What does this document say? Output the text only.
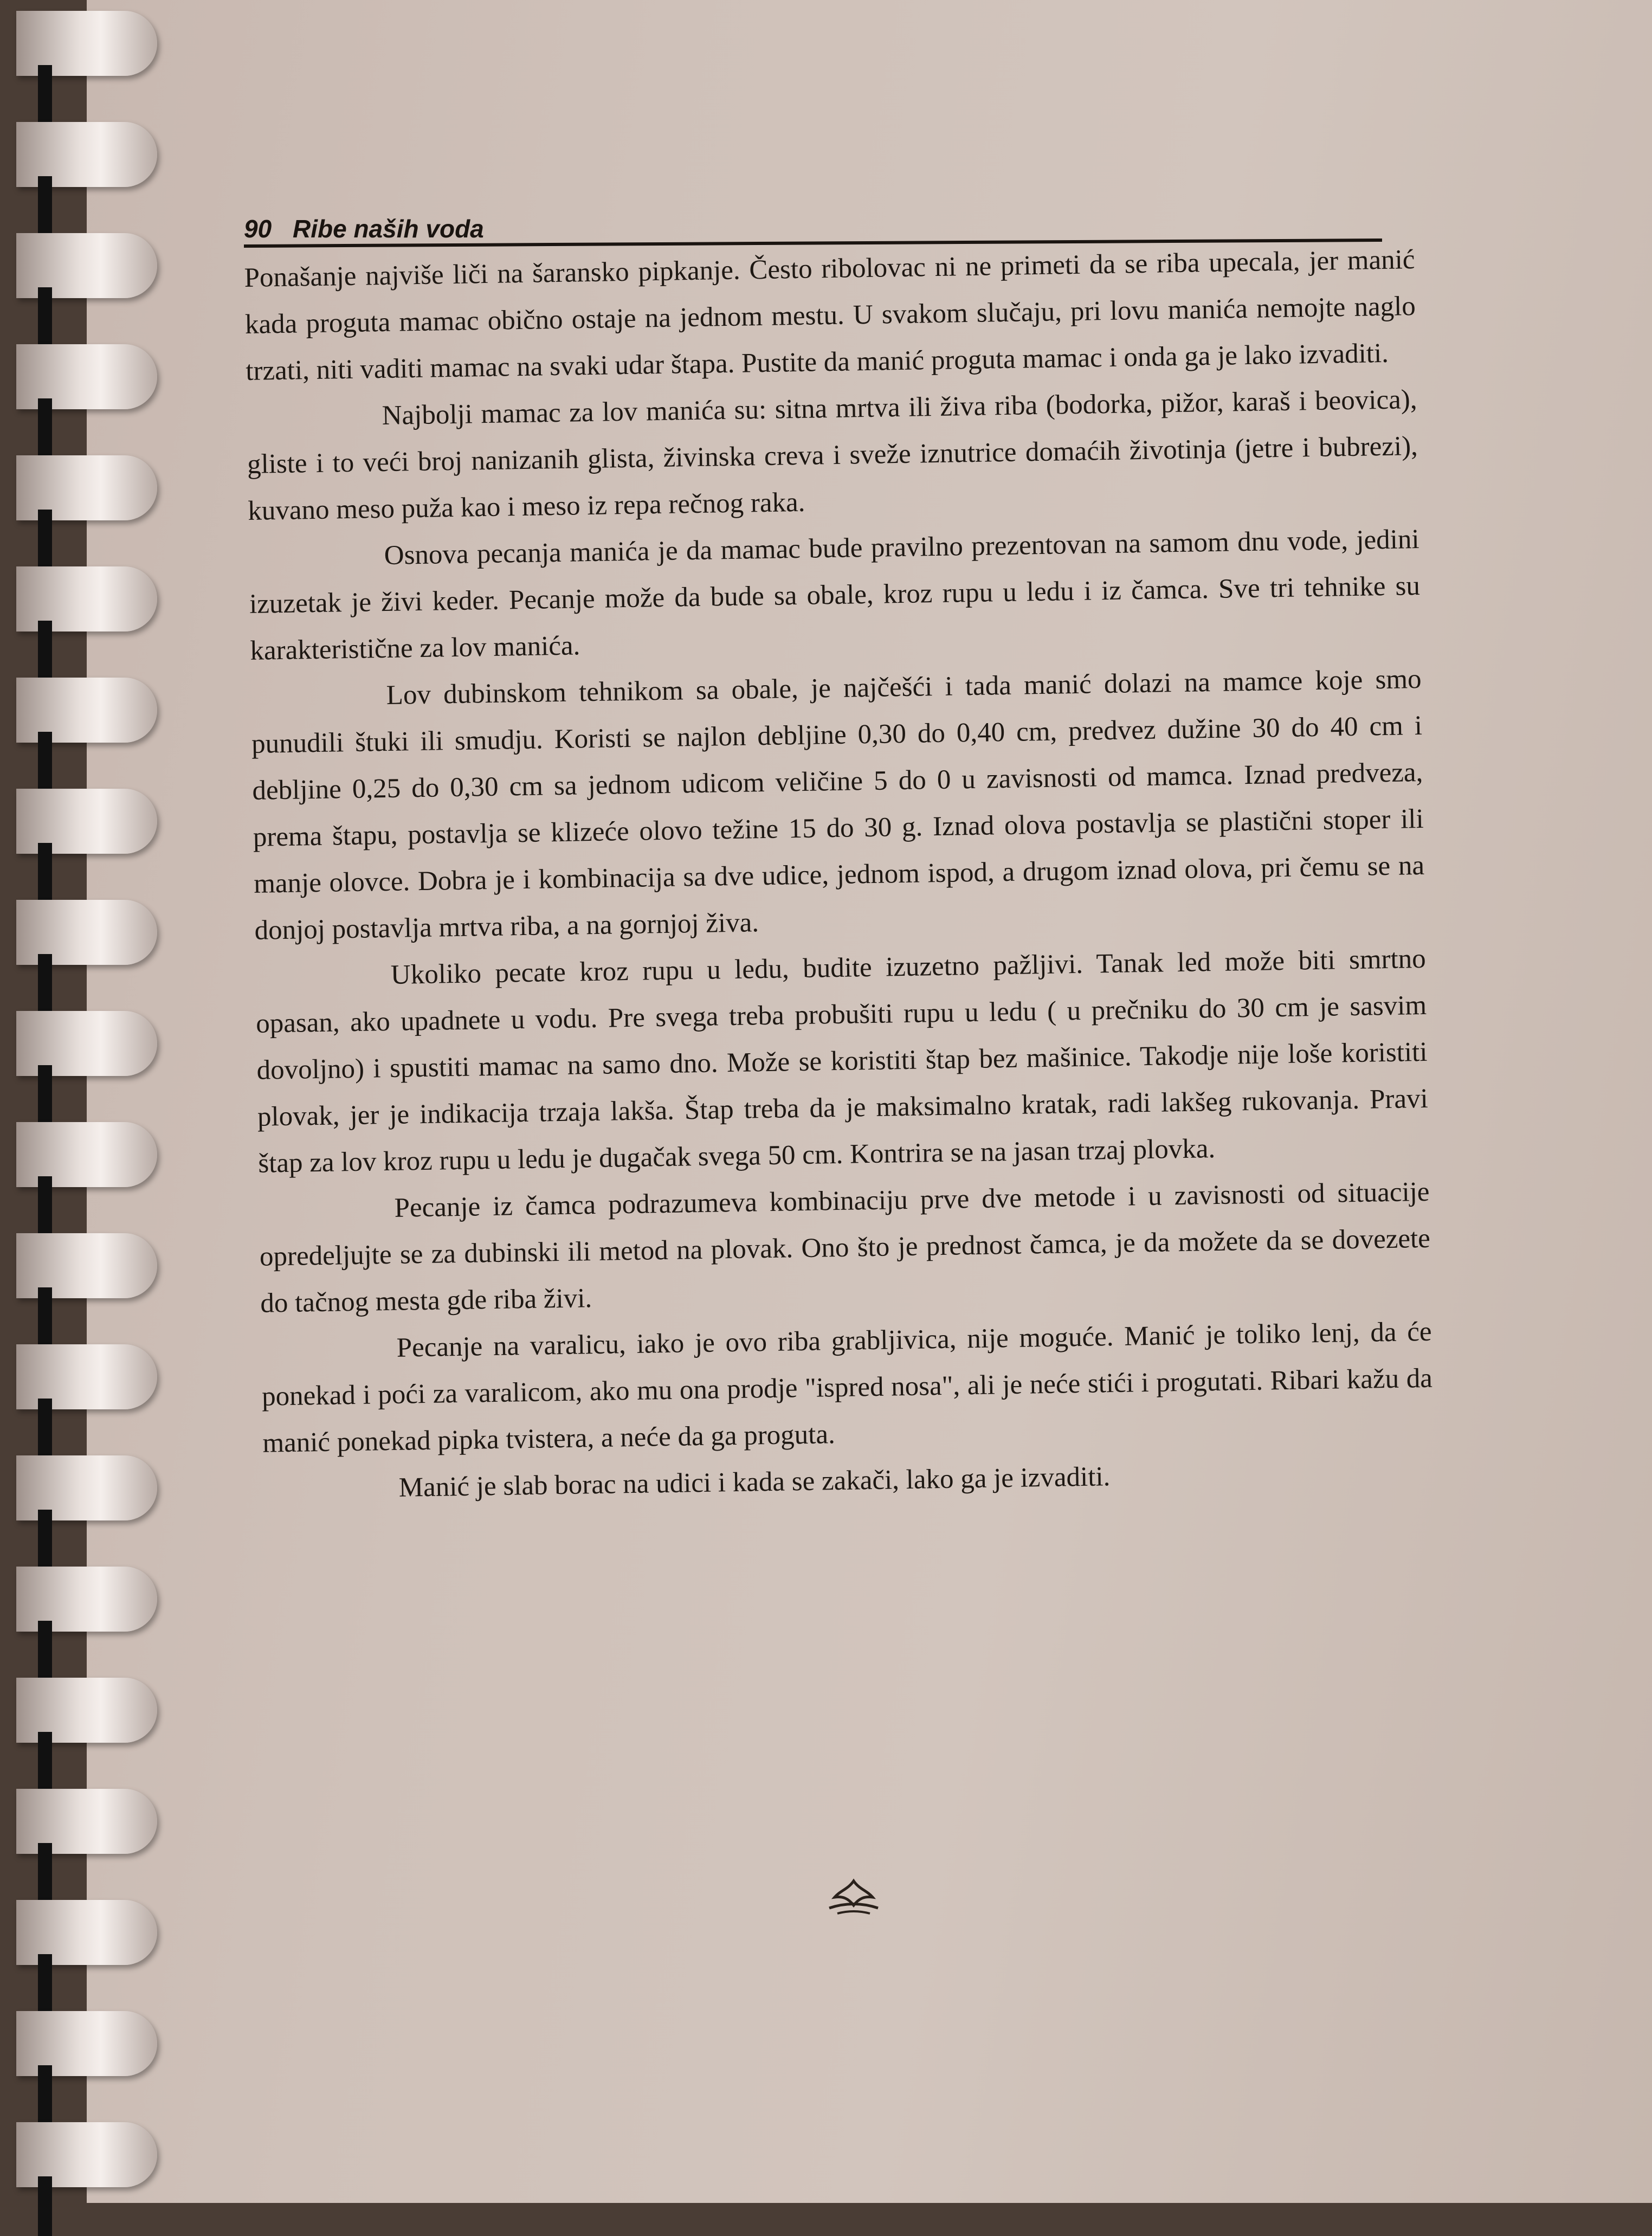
90 Ribe naših voda

Ponašanje najviše liči na šaransko pipkanje. Često ribolovac ni ne primeti da se riba upecala, jer manić kada proguta mamac obično ostaje na jednom mestu. U svakom slučaju, pri lovu manića nemojte naglo trzati, niti vaditi mamac na svaki udar štapa. Pustite da manić proguta mamac i onda ga je lako izvaditi.

Najbolji mamac za lov manića su: sitna mrtva ili živa riba (bodorka, pižor, karaš i beovica), gliste i to veći broj nanizanih glista, živinska creva i sveže iznutrice domaćih životinja (jetre i bubrezi), kuvano meso puža kao i meso iz repa rečnog raka.

Osnova pecanja manića je da mamac bude pravilno prezentovan na samom dnu vode, jedini izuzetak je živi keder. Pecanje može da bude sa obale, kroz rupu u ledu i iz čamca. Sve tri tehnike su karakteristične za lov manića.

Lov dubinskom tehnikom sa obale, je najčešći i tada manić dolazi na mamce koje smo punudili štuki ili smudju. Koristi se najlon debljine 0,30 do 0,40 cm, predvez dužine 30 do 40 cm i debljine 0,25 do 0,30 cm sa jednom udicom veličine 5 do 0 u zavisnosti od mamca. Iznad predveza, prema štapu, postavlja se klizeće olovo težine 15 do 30 g. Iznad olova postavlja se plastični stoper ili manje olovce. Dobra je i kombinacija sa dve udice, jednom ispod, a drugom iznad olova, pri čemu se na donjoj postavlja mrtva riba, a na gornjoj živa.

Ukoliko pecate kroz rupu u ledu, budite izuzetno pažljivi. Tanak led može biti smrtno opasan, ako upadnete u vodu. Pre svega treba probušiti rupu u ledu ( u prečniku do 30 cm je sasvim dovoljno) i spustiti mamac na samo dno. Može se koristiti štap bez mašinice. Takodje nije loše koristiti plovak, jer je indikacija trzaja lakša. Štap treba da je maksimalno kratak, radi lakšeg rukovanja. Pravi štap za lov kroz rupu u ledu je dugačak svega 50 cm. Kontrira se na jasan trzaj plovka.

Pecanje iz čamca podrazumeva kombinaciju prve dve metode i u zavisnosti od situacije opredeljujte se za dubinski ili metod na plovak. Ono što je prednost čamca, je da možete da se dovezete do tačnog mesta gde riba živi.

Pecanje na varalicu, iako je ovo riba grabljivica, nije moguće. Manić je toliko lenj, da će ponekad i poći za varalicom, ako mu ona prodje "ispred nosa", ali je neće stići i progutati. Ribari kažu da manić ponekad pipka tvistera, a neće da ga proguta.

Manić je slab borac na udici i kada se zakači, lako ga je izvaditi.
